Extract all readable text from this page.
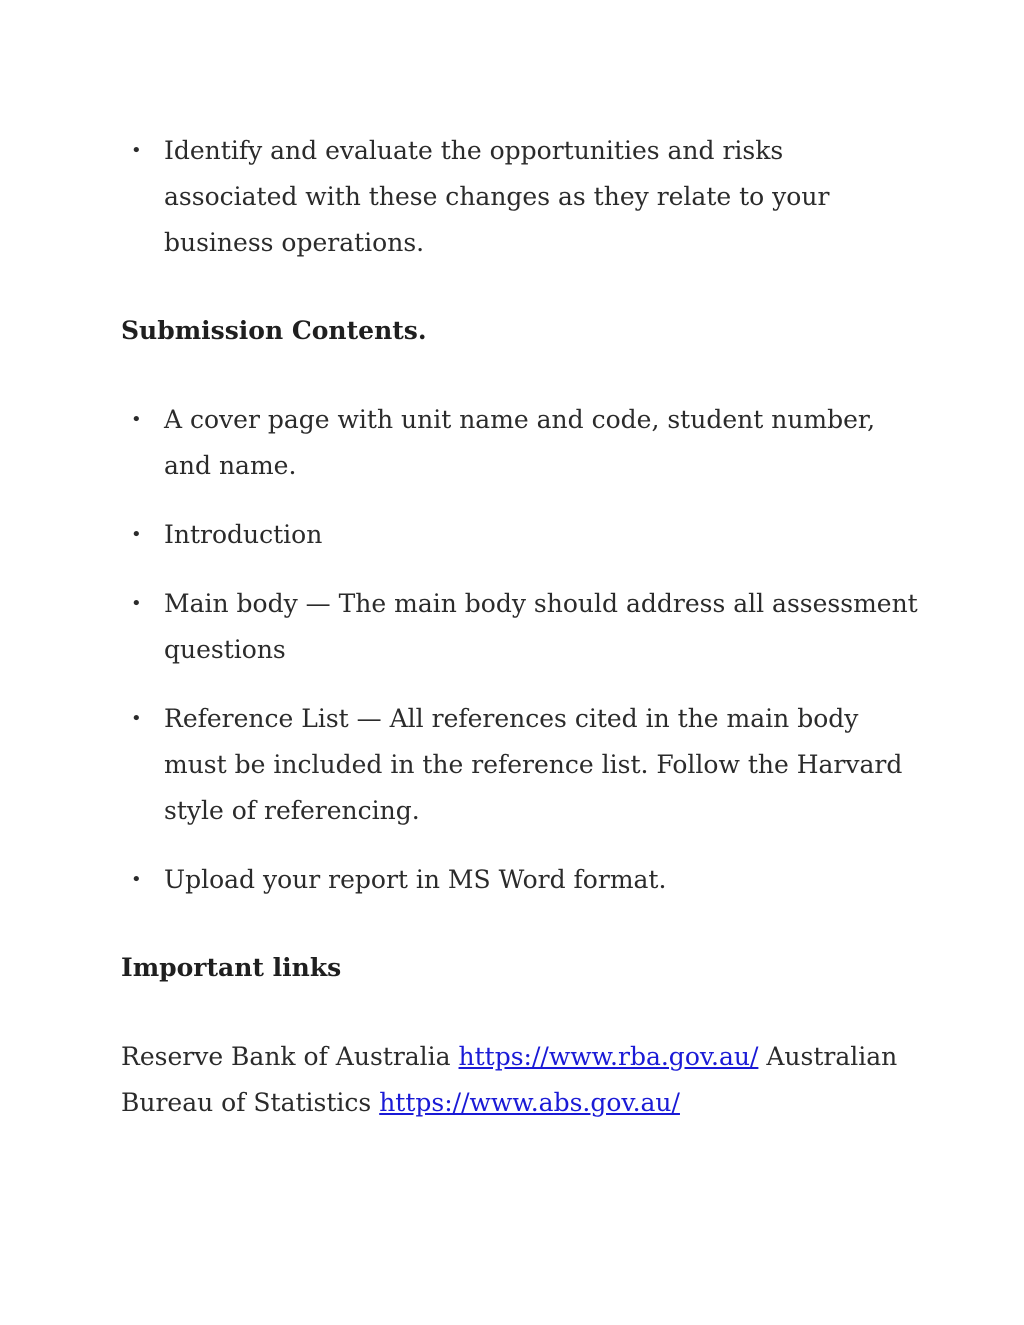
• Identify and evaluate the opportunities and risks associated with these changes as they relate to your business operations.
Submission Contents.
• A cover page with unit name and code, student number, and name.
• Introduction
• Main body — The main body should address all assessment questions
• Reference List — All references cited in the main body must be included in the reference list. Follow the Harvard style of referencing.
• Upload your report in MS Word format.
Important links

Reserve Bank of Australia https://www.rba.gov.au/ Australian Bureau of Statistics https://www.abs.gov.au/
